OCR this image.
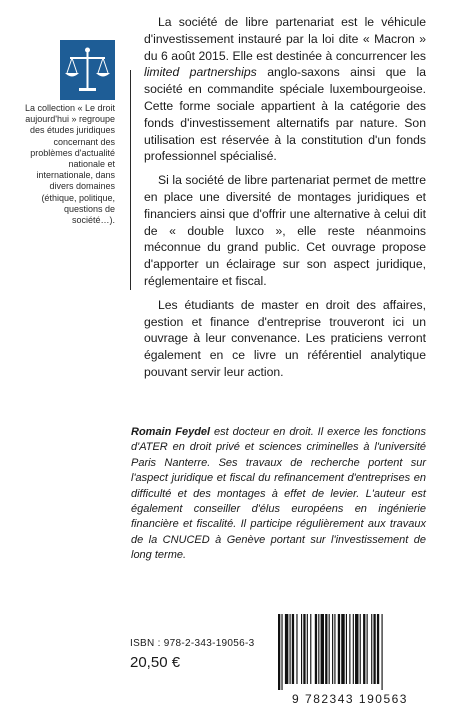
La collection « Le droit aujourd'hui » regroupe des études juridiques concernant des problèmes d'actualité nationale et internationale, dans divers domaines (éthique, politique, questions de société…).

La société de libre partenariat est le véhicule d'investissement instauré par la loi dite « Macron » du 6 août 2015. Elle est destinée à concurrencer les limited partnerships anglo-saxons ainsi que la société en commandite spéciale luxembourgeoise. Cette forme sociale appartient à la catégorie des fonds d'investissement alternatifs par nature. Son utilisation est réservée à la constitution d'un fonds professionnel spécialisé.

Si la société de libre partenariat permet de mettre en place une diversité de montages juridiques et financiers ainsi que d'offrir une alternative à celui dit de « double luxco », elle reste néanmoins méconnue du grand public. Cet ouvrage propose d'apporter un éclairage sur son aspect juridique, réglementaire et fiscal.

Les étudiants de master en droit des affaires, gestion et finance d'entreprise trouveront ici un ouvrage à leur convenance. Les praticiens verront également en ce livre un référentiel analytique pouvant servir leur action.

Romain Feydel est docteur en droit. Il exerce les fonctions d'ATER en droit privé et sciences criminelles à l'université Paris Nanterre. Ses travaux de recherche portent sur l'aspect juridique et fiscal du refinancement d'entreprises en difficulté et des montages à effet de levier. L'auteur est également conseiller d'élus européens en ingénierie financière et fiscalité. Il participe régulièrement aux travaux de la CNUCED à Genève portant sur l'investissement de long terme.
ISBN : 978-2-343-19056-3
20,50 €
9 782343 190563
